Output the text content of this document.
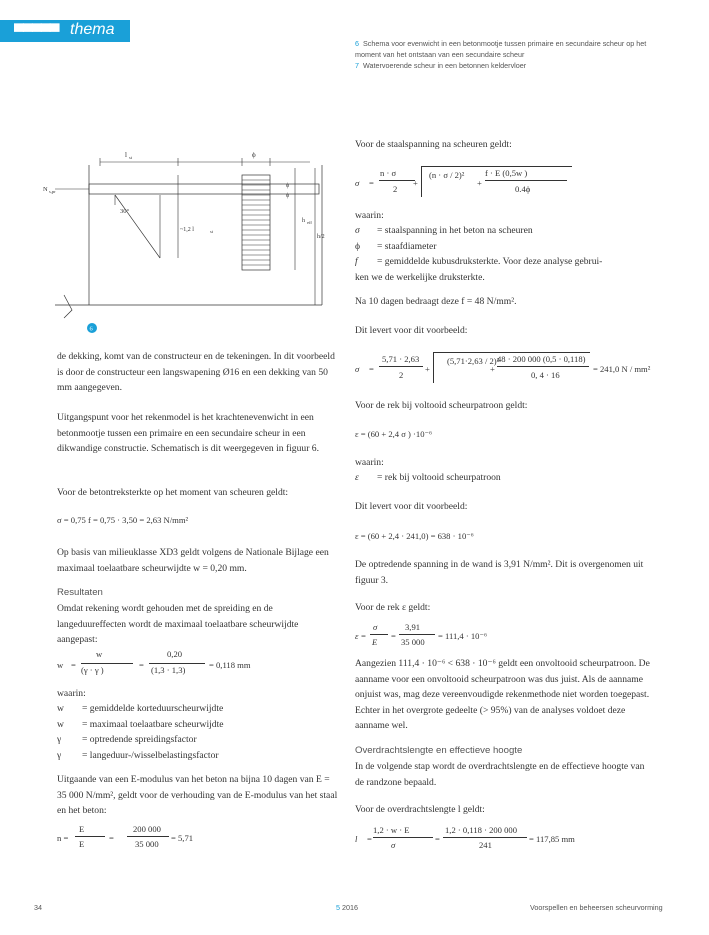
▀▀▀▀▀ thema
6 Schema voor evenwicht in een betonmootje tussen primaire en secundaire scheur op het moment van het ontstaan van een secundaire scheur
7 Watervoerende scheur in een betonnen keldervloer
l st	ϕ
N s,pr
30°
~1,2 l	st
h eff
h/2
ϕ
ϕ
6

de dekking, komt van de constructeur en de tekeningen. In dit voorbeeld is door de constructeur een langswapening Ø16 en een dekking van 50 mm aangegeven.

Uitgangspunt voor het rekenmodel is het krachtenevenwicht in een betonmootje tussen een primaire en een secundaire scheur in een dikwandige constructie. Schematisch is dit weergegeven in figuur 6.

Voor de betontreksterkte op het moment van scheuren geldt:

σ = 0,75 f = 0,75 · 3,50 = 2,63 N/mm²

Op basis van milieuklasse XD3 geldt volgens de Nationale Bijlage een maximaal toelaatbare scheurwijdte w = 0,20 mm.

Resultaten

Omdat rekening wordt gehouden met de spreiding en de langeduureffecten wordt de maximaal toelaatbare scheurwijdte aangepast:

w =
w
(γ · γ )	=
0,20
(1,3 · 1,3)	= 0,118 mm
waarin:
w = gemiddelde korteduurscheurwijdte
w = maximaal toelaatbare scheurwijdte
γ = optredende spreidingsfactor
γ = langeduur-/wisselbelastingsfactor

Uitgaande van een E-modulus van het beton na bijna 10 dagen van E = 35 000 N/mm², geldt voor de verhouding van de E-modulus van het staal en het beton:

n =
E
E
=
200 000
35 000
= 5,71

Voor de staalspanning na scheuren geldt:

σ =
n · σ
2
+
(n · σ / 2)²
+
f · E (0,5w )
0.4ϕ
waarin:
σ = staalspanning in het beton na scheuren
ϕ = staafdiameter
f = gemiddelde kubusdruksterkte. Voor deze analyse gebrui-
ken we de werkelijke druksterkte.
Na 10 dagen bedraagt deze f = 48 N/mm².
Dit levert voor dit voorbeeld:
σ =
5,71 · 2,63
2
+
(5,71·2,63 / 2)²
+
48 · 200 000 (0,5 · 0,118)
0, 4 · 16
= 241,0 N / mm²
Voor de rek bij voltooid scheurpatroon geldt:
ε = (60 + 2,4 σ ) ·10⁻⁶
waarin:
ε = rek bij voltooid scheurpatroon
Dit levert voor dit voorbeeld:
ε = (60 + 2,4 · 241,0) = 638 · 10⁻⁶
De optredende spanning in de wand is 3,91 N/mm². Dit is overgenomen uit figuur 3.
Voor de rek ε geldt:
ε =
σ
E
=
3,91
35 000
= 111,4 · 10⁻⁶
Aangezien 111,4 · 10⁻⁶ < 638 · 10⁻⁶ geldt een onvoltooid scheurpatroon. De aanname voor een onvoltooid scheurpatroon was dus juist. Als de aanname onjuist was, mag deze vereenvoudigde rekenmethode niet worden toegepast. Echter in het overgrote gedeelte (> 95%) van de analyses voldoet deze aanname wel.
Overdrachtslengte en effectieve hoogte
In de volgende stap wordt de overdrachtslengte en de effectieve hoogte van de randzone bepaald.
Voor de overdrachtslengte l geldt:
l =
1,2 · w · E
σ
=
1,2 · 0,118 · 200 000
241
= 117,85 mm
34	5 2016	Voorspellen en beheersen scheurvorming
